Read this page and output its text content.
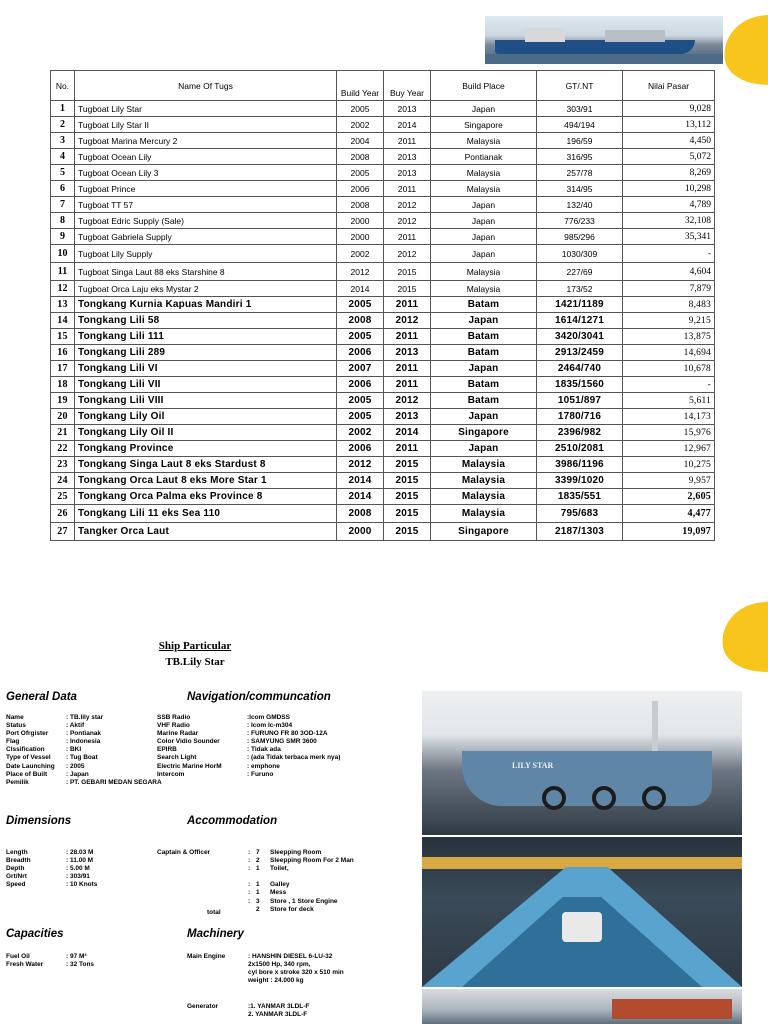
No.	Name Of Tugs	Build Year	Buy Year	Build Place	GT/.NT	Nilai Pasar
1	Tugboat Lily Star	2005	2013	Japan	303/91	9,028
2	Tugboat Lily Star II	2002	2014	Singapore	494/194	13,112
3	Tugboat Marina Mercury 2	2004	2011	Malaysia	196/59	4,450
4	Tugboat Ocean Lily	2008	2013	Pontianak	316/95	5,072
5	Tugboat Ocean Lily 3	2005	2013	Malaysia	257/78	8,269
6	Tugboat Prince	2006	2011	Malaysia	314/95	10,298
7	Tugboat TT 57	2008	2012	Japan	132/40	4,789
8	Tugboat Edric Supply (Sale)	2000	2012	Japan	776/233	32,108
9	Tugboat Gabriela Supply	2000	2011	Japan	985/296	35,341
10	Tugboat Lily Supply	2002	2012	Japan	1030/309	-
11	Tugboat Singa Laut 88 eks Starshine 8	2012	2015	Malaysia	227/69	4,604
12	Tugboat Orca Laju eks Mystar 2	2014	2015	Malaysia	173/52	7,879
13	Tongkang Kurnia Kapuas Mandiri 1	2005	2011	Batam	1421/1189	8,483
14	Tongkang Lili 58	2008	2012	Japan	1614/1271	9,215
15	Tongkang Lili 111	2005	2011	Batam	3420/3041	13,875
16	Tongkang Lili 289	2006	2013	Batam	2913/2459	14,694
17	Tongkang Lili VI	2007	2011	Japan	2464/740	10,678
18	Tongkang Lili VII	2006	2011	Batam	1835/1560	-
19	Tongkang Lili VIII	2005	2012	Batam	1051/897	5,611
20	Tongkang Lily Oil	2005	2013	Japan	1780/716	14,173
21	Tongkang Lily Oil II	2002	2014	Singapore	2396/982	15,976
22	Tongkang Province	2006	2011	Japan	2510/2081	12,967
23	Tongkang Singa Laut 8 eks Stardust 8	2012	2015	Malaysia	3986/1196	10,275
24	Tongkang Orca Laut 8 eks More Star 1	2014	2015	Malaysia	3399/1020	9,957
25	Tongkang Orca Palma eks Province 8	2014	2015	Malaysia	1835/551	2,605
26	Tongkang Lili 11 eks Sea 110	2008	2015	Malaysia	795/683	4,477
27	Tangker Orca Laut	2000	2015	Singapore	2187/1303	19,097
Ship Particular
TB.Lily Star
General Data	Navigation/communcation
Name	: TB.lily star
Status	: Aktif
Port Ofrgister	: Pontianak
Flag	: Indonesia
Clssification	: BKI
Type of Vessel : Tug Boat
Date Launching : 2005
Place of Built	: Japan
Pemilik	: PT. GEBARI MEDAN SEGARA
SSB Radio	:Icom GMDSS
VHF Radio	: Icom Ic-m304
Marine Radar	: FURUNO FR 80 3OD-12A
Color Vidio Sounder	: SAMYUNG SMR 3600
EPIRB	: Tidak ada
Search Light	: (ada Tidak terbaca merk nya)
Electric Marine HorM	: emphone
Intercom	: Furuno
Dimensions	Accommodation
Length	: 28.03 M
Breadth	: 11.00 M
Depth	: 5.00 M
Grt/Nrt	: 303/91
Speed	: 10 Knots
Captain & Officer
total
: 7 Sleepping Room
: 2 Sleepping Room For 2 Man
: 1 Toilet,
: 1 Galley
: 1 Mess
: 3 Store , 1 Store Engine
2 Store for deck
Capacities	Machinery
Fuel Oil	: 97 M³
Fresh Water	: 32 Tons
Main Engine	: HANSHIN DIESEL 6-LU-32
2x1500 Hp, 340 rpm,
cyl bore x stroke 320 x 510 min
weight : 24.000 kg
Generator	:1. YANMAR 3LDL-F
2. YANMAR 3LDL-F
LILY STAR
